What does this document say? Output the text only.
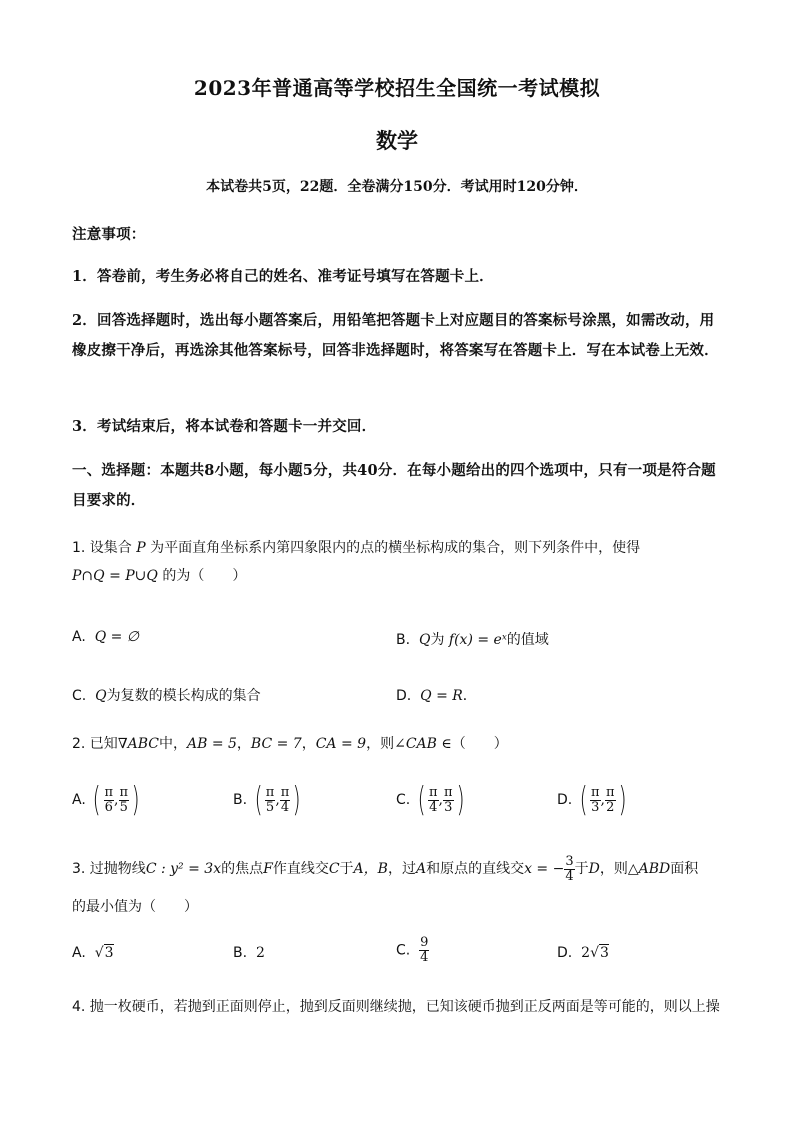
2023年普通高等学校招生全国统一考试模拟
数学
本试卷共5页，22题．全卷满分150分．考试用时120分钟．
注意事项：
1．答卷前，考生务必将自己的姓名、准考证号填写在答题卡上．
2．回答选择题时，选出每小题答案后，用铅笔把答题卡上对应题目的答案标号涂黑，如需改动，用橡皮擦干净后，再选涂其他答案标号，回答非选择题时，将答案写在答题卡上．写在本试卷上无效．
3．考试结束后，将本试卷和答题卡一并交回．
一、选择题：本题共8小题，每小题5分，共40分．在每小题给出的四个选项中，只有一项是符合题目要求的．
1. 设集合 P 为平面直角坐标系内第四象限内的点的横坐标构成的集合，则下列条件中，使得
P∩Q = P∪Q 的为（　　）
A. Q = ∅	B. Q为 f(x) = eˣ的值域
C. Q为复数的模长构成的集合	D. Q = R．
2. 已知∇ABC中，AB = 5，BC = 7，CA = 9，则∠CAB ∈（　　）
A. ( $\frac{\pi}{6}$ , $\frac{\pi}{5}$ )	B. ( $\frac{\pi}{5}$ , $\frac{\pi}{4}$ )	C. ( $\frac{\pi}{4}$ , $\frac{\pi}{3}$ )	D. ( $\frac{\pi}{3}$ , $\frac{\pi}{2}$ )
3. 过抛物线C : y² = 3x的焦点F作直线交C于A，B，过A和原点的直线交x = − $\frac{3}{4}$ 于D，则△ABD面积
的最小值为（　　）
A. √3	B. 2	C. $\frac{9}{4}$	D. 2√3
4. 抛一枚硬币，若抛到正面则停止，抛到反面则继续抛，已知该硬币抛到正反两面是等可能的，则以上操
